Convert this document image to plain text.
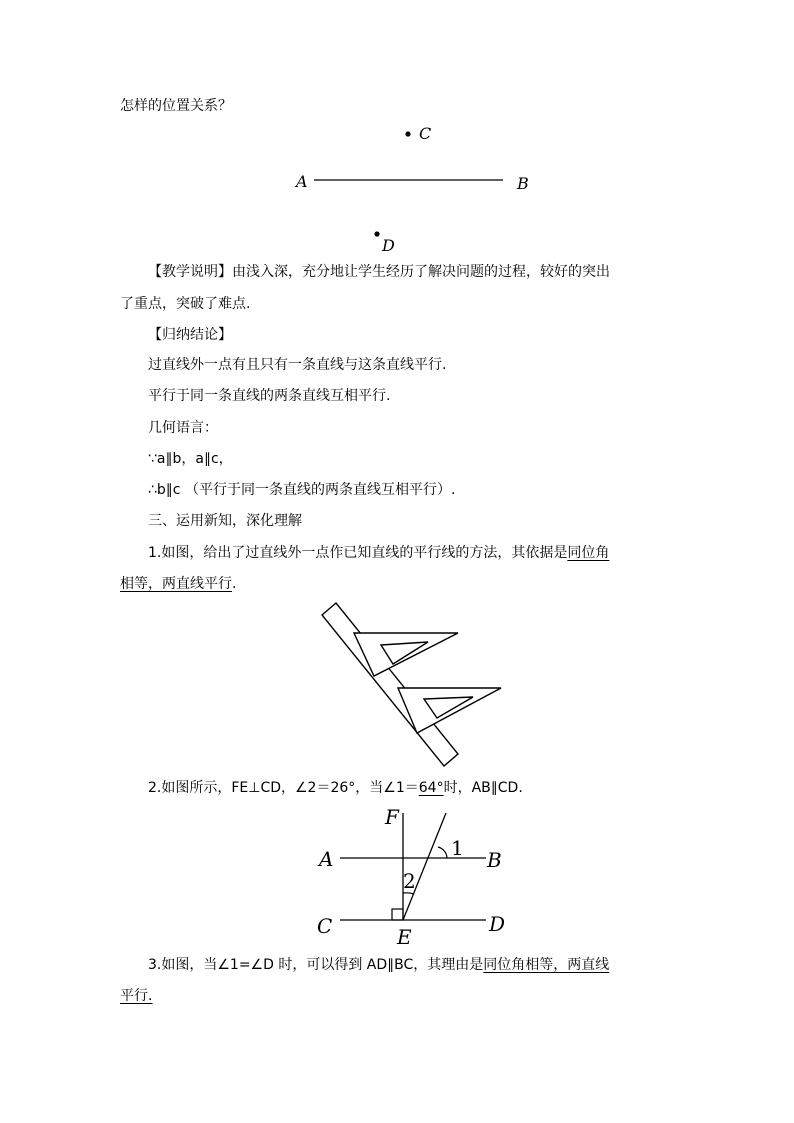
怎样的位置关系？
A	B
C
D
【教学说明】由浅入深，充分地让学生经历了解决问题的过程，较好的突出
了重点，突破了难点.
【归纳结论】
过直线外一点有且只有一条直线与这条直线平行.
平行于同一条直线的两条直线互相平行.
几何语言：
∵a∥b，a∥c，
∴b∥c （平行于同一条直线的两条直线互相平行）.
三、运用新知，深化理解
1.如图，给出了过直线外一点作已知直线的平行线的方法，其依据是同位角
相等，两直线平行.
2.如图所示，FE⊥CD，∠2＝26°，当∠1＝64°时，AB∥CD.
F
A	B
C	D
E
1
2
3.如图，当∠1=∠D 时，可以得到 AD∥BC，其理由是同位角相等，两直线
平行.
